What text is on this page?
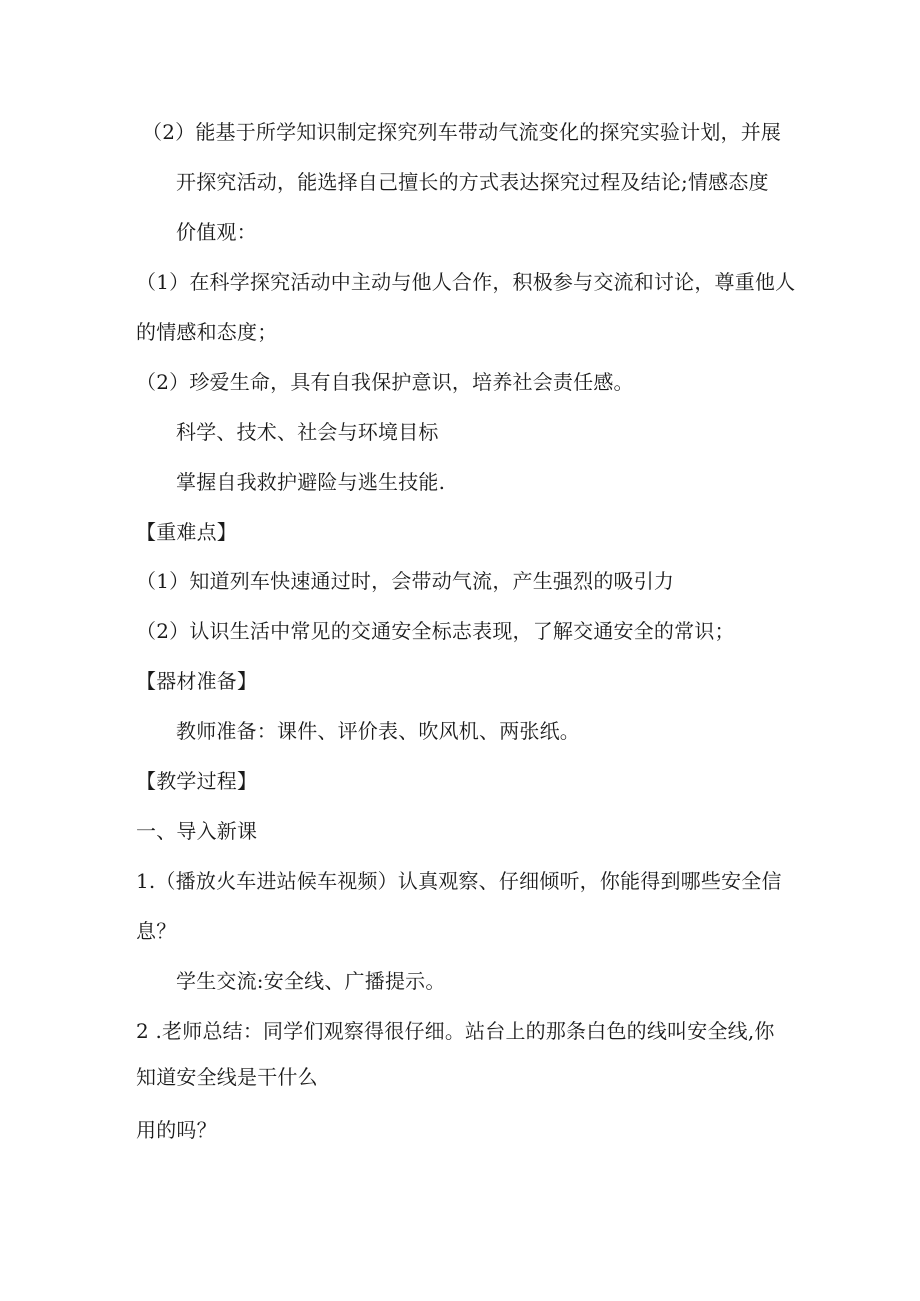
（2）能基于所学知识制定探究列车带动气流变化的探究实验计划，并展
开探究活动，能选择自己擅长的方式表达探究过程及结论;情感态度
价值观：
（1）在科学探究活动中主动与他人合作，积极参与交流和讨论，尊重他人
的情感和态度；
（2）珍爱生命，具有自我保护意识，培养社会责任感。
科学、技术、社会与环境目标
掌握自我救护避险与逃生技能.
【重难点】
（1）知道列车快速通过时，会带动气流，产生强烈的吸引力
（2）认识生活中常见的交通安全标志表现，了解交通安全的常识；
【器材准备】
教师准备：课件、评价表、吹风机、两张纸。
【教学过程】
一、导入新课
1.（播放火车进站候车视频）认真观察、仔细倾听，你能得到哪些安全信
息？
学生交流:安全线、广播提示。
2 .老师总结：同学们观察得很仔细。站台上的那条白色的线叫安全线,你
知道安全线是干什么
用的吗？
